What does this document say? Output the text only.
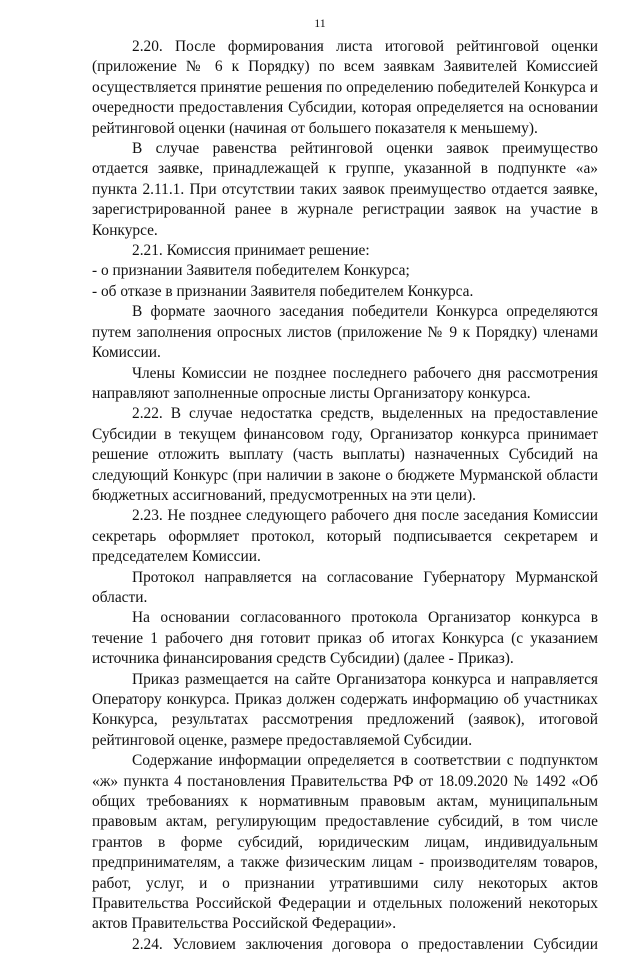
11

2.20. После формирования листа итоговой рейтинговой оценки (приложение № 6 к Порядку) по всем заявкам Заявителей Комиссией осуществляется принятие решения по определению победителей Конкурса и очередности предоставления Субсидии, которая определяется на основании рейтинговой оценки (начиная от большего показателя к меньшему).

В случае равенства рейтинговой оценки заявок преимущество отдается заявке, принадлежащей к группе, указанной в подпункте «а» пункта 2.11.1. При отсутствии таких заявок преимущество отдается заявке, зарегистрированной ранее в журнале регистрации заявок на участие в Конкурсе.

2.21. Комиссия принимает решение:

- о признании Заявителя победителем Конкурса;

- об отказе в признании Заявителя победителем Конкурса.

В формате заочного заседания победители Конкурса определяются путем заполнения опросных листов (приложение № 9 к Порядку) членами Комиссии.

Члены Комиссии не позднее последнего рабочего дня рассмотрения направляют заполненные опросные листы Организатору конкурса.

2.22. В случае недостатка средств, выделенных на предоставление Субсидии в текущем финансовом году, Организатор конкурса принимает решение отложить выплату (часть выплаты) назначенных Субсидий на следующий Конкурс (при наличии в законе о бюджете Мурманской области бюджетных ассигнований, предусмотренных на эти цели).

2.23. Не позднее следующего рабочего дня после заседания Комиссии секретарь оформляет протокол, который подписывается секретарем и председателем Комиссии.

Протокол направляется на согласование Губернатору Мурманской области.

На основании согласованного протокола Организатор конкурса в течение 1 рабочего дня готовит приказ об итогах Конкурса (с указанием источника финансирования средств Субсидии) (далее - Приказ).

Приказ размещается на сайте Организатора конкурса и направляется Оператору конкурса. Приказ должен содержать информацию об участниках Конкурса, результатах рассмотрения предложений (заявок), итоговой рейтинговой оценке, размере предоставляемой Субсидии.

Содержание информации определяется в соответствии с подпунктом «ж» пункта 4 постановления Правительства РФ от 18.09.2020 № 1492 «Об общих требованиях к нормативным правовым актам, муниципальным правовым актам, регулирующим предоставление субсидий, в том числе грантов в форме субсидий, юридическим лицам, индивидуальным предпринимателям, а также физическим лицам - производителям товаров, работ, услуг, и о признании утратившими силу некоторых актов Правительства Российской Федерации и отдельных положений некоторых актов Правительства Российской Федерации».

2.24. Условием заключения договора о предоставлении Субсидии
